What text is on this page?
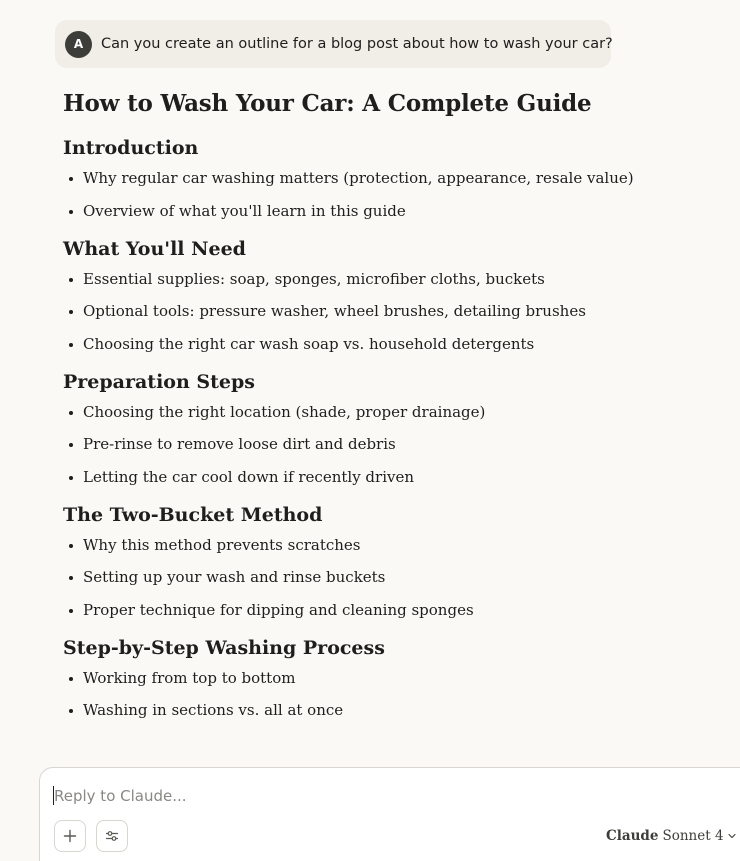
A	Can you create an outline for a blog post about how to wash your car?
How to Wash Your Car: A Complete Guide
Introduction
Why regular car washing matters (protection, appearance, resale value)
Overview of what you'll learn in this guide
What You'll Need
Essential supplies: soap, sponges, microfiber cloths, buckets
Optional tools: pressure washer, wheel brushes, detailing brushes
Choosing the right car wash soap vs. household detergents
Preparation Steps
Choosing the right location (shade, proper drainage)
Pre-rinse to remove loose dirt and debris
Letting the car cool down if recently driven
The Two-Bucket Method
Why this method prevents scratches
Setting up your wash and rinse buckets
Proper technique for dipping and cleaning sponges
Step-by-Step Washing Process
Working from top to bottom
Washing in sections vs. all at once
Reply to Claude...
Claude Sonnet 4
